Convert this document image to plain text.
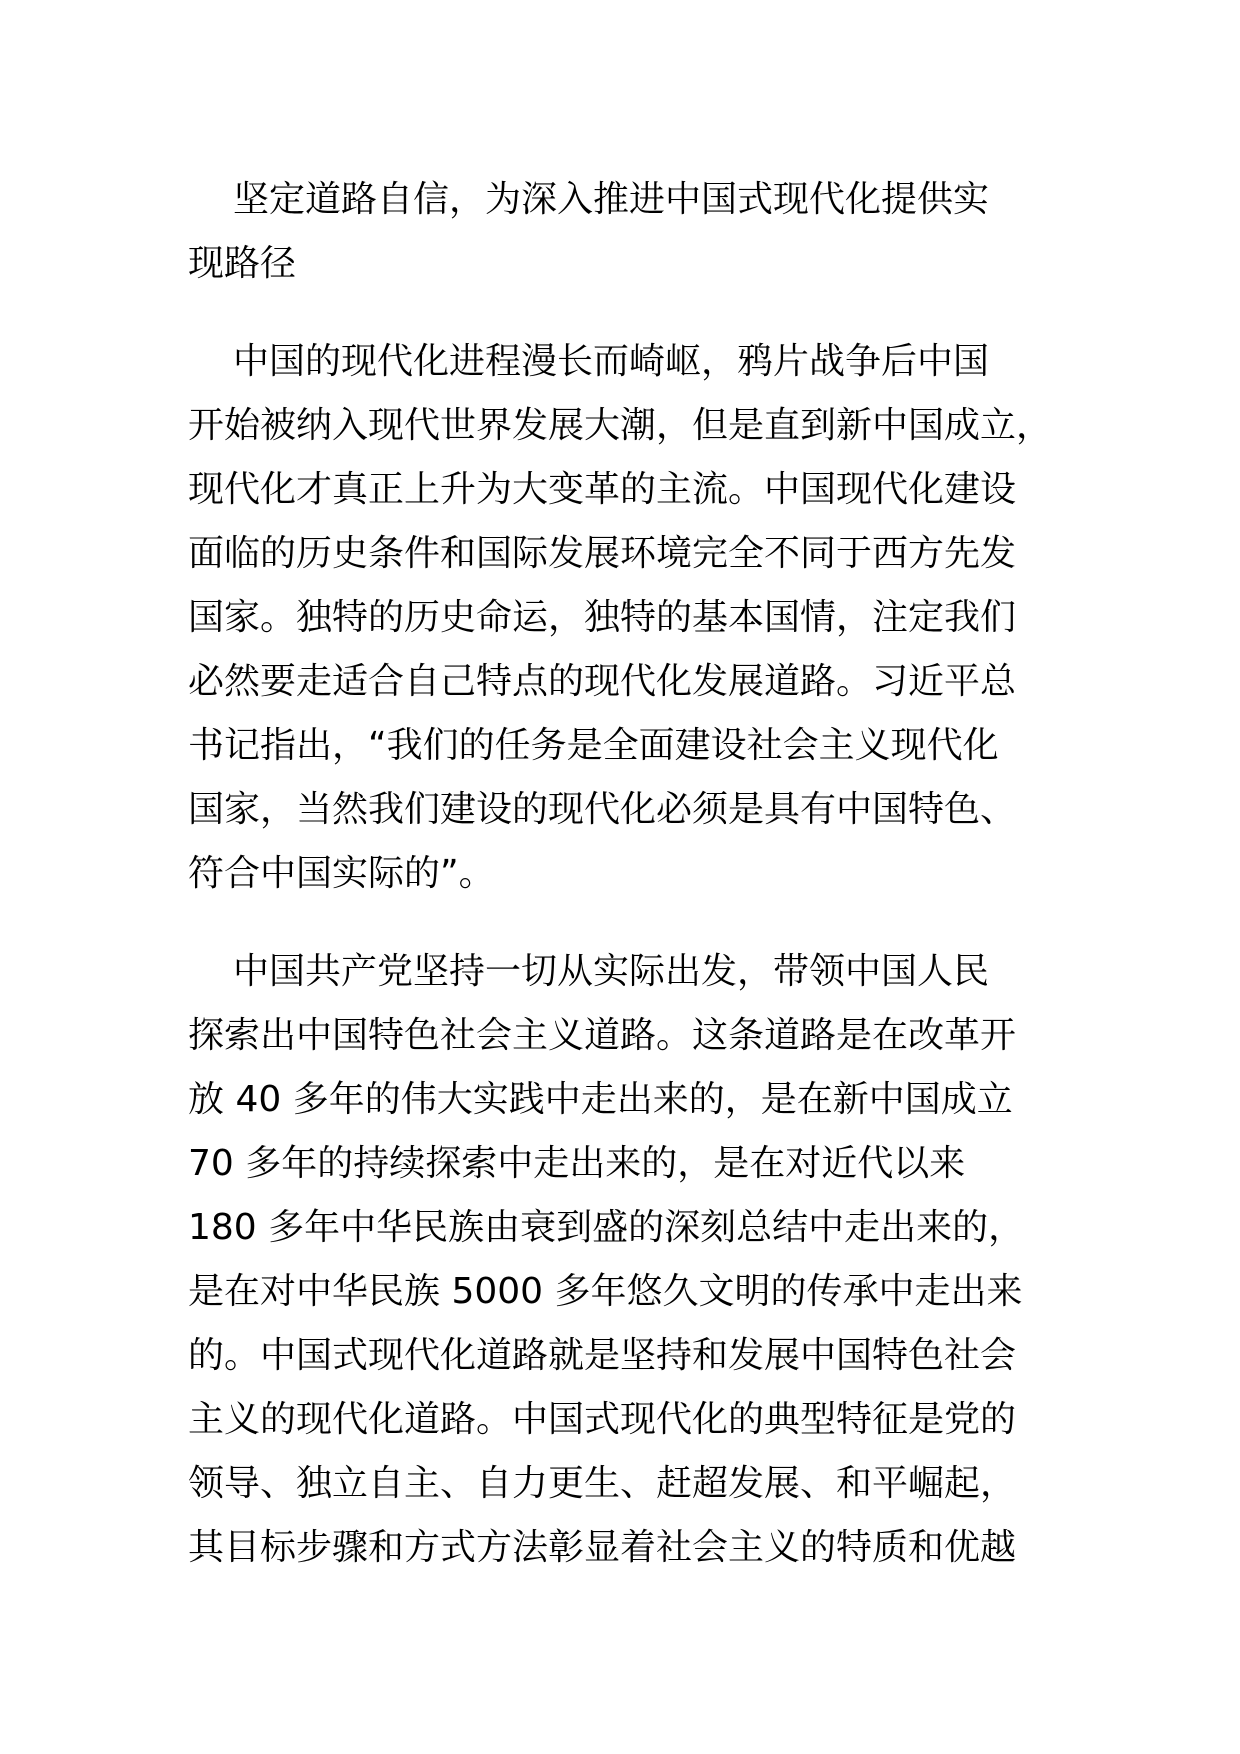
坚定道路自信，为深入推进中国式现代化提供实
现路径

中国的现代化进程漫长而崎岖，鸦片战争后中国
开始被纳入现代世界发展大潮，但是直到新中国成立，
现代化才真正上升为大变革的主流。中国现代化建设
面临的历史条件和国际发展环境完全不同于西方先发
国家。独特的历史命运，独特的基本国情，注定我们
必然要走适合自己特点的现代化发展道路。习近平总
书记指出，“我们的任务是全面建设社会主义现代化
国家，当然我们建设的现代化必须是具有中国特色、
符合中国实际的”。

中国共产党坚持一切从实际出发，带领中国人民
探索出中国特色社会主义道路。这条道路是在改革开
放 40 多年的伟大实践中走出来的，是在新中国成立
70 多年的持续探索中走出来的，是在对近代以来
180 多年中华民族由衰到盛的深刻总结中走出来的，
是在对中华民族 5000 多年悠久文明的传承中走出来
的。中国式现代化道路就是坚持和发展中国特色社会
主义的现代化道路。中国式现代化的典型特征是党的
领导、独立自主、自力更生、赶超发展、和平崛起，
其目标步骤和方式方法彰显着社会主义的特质和优越
